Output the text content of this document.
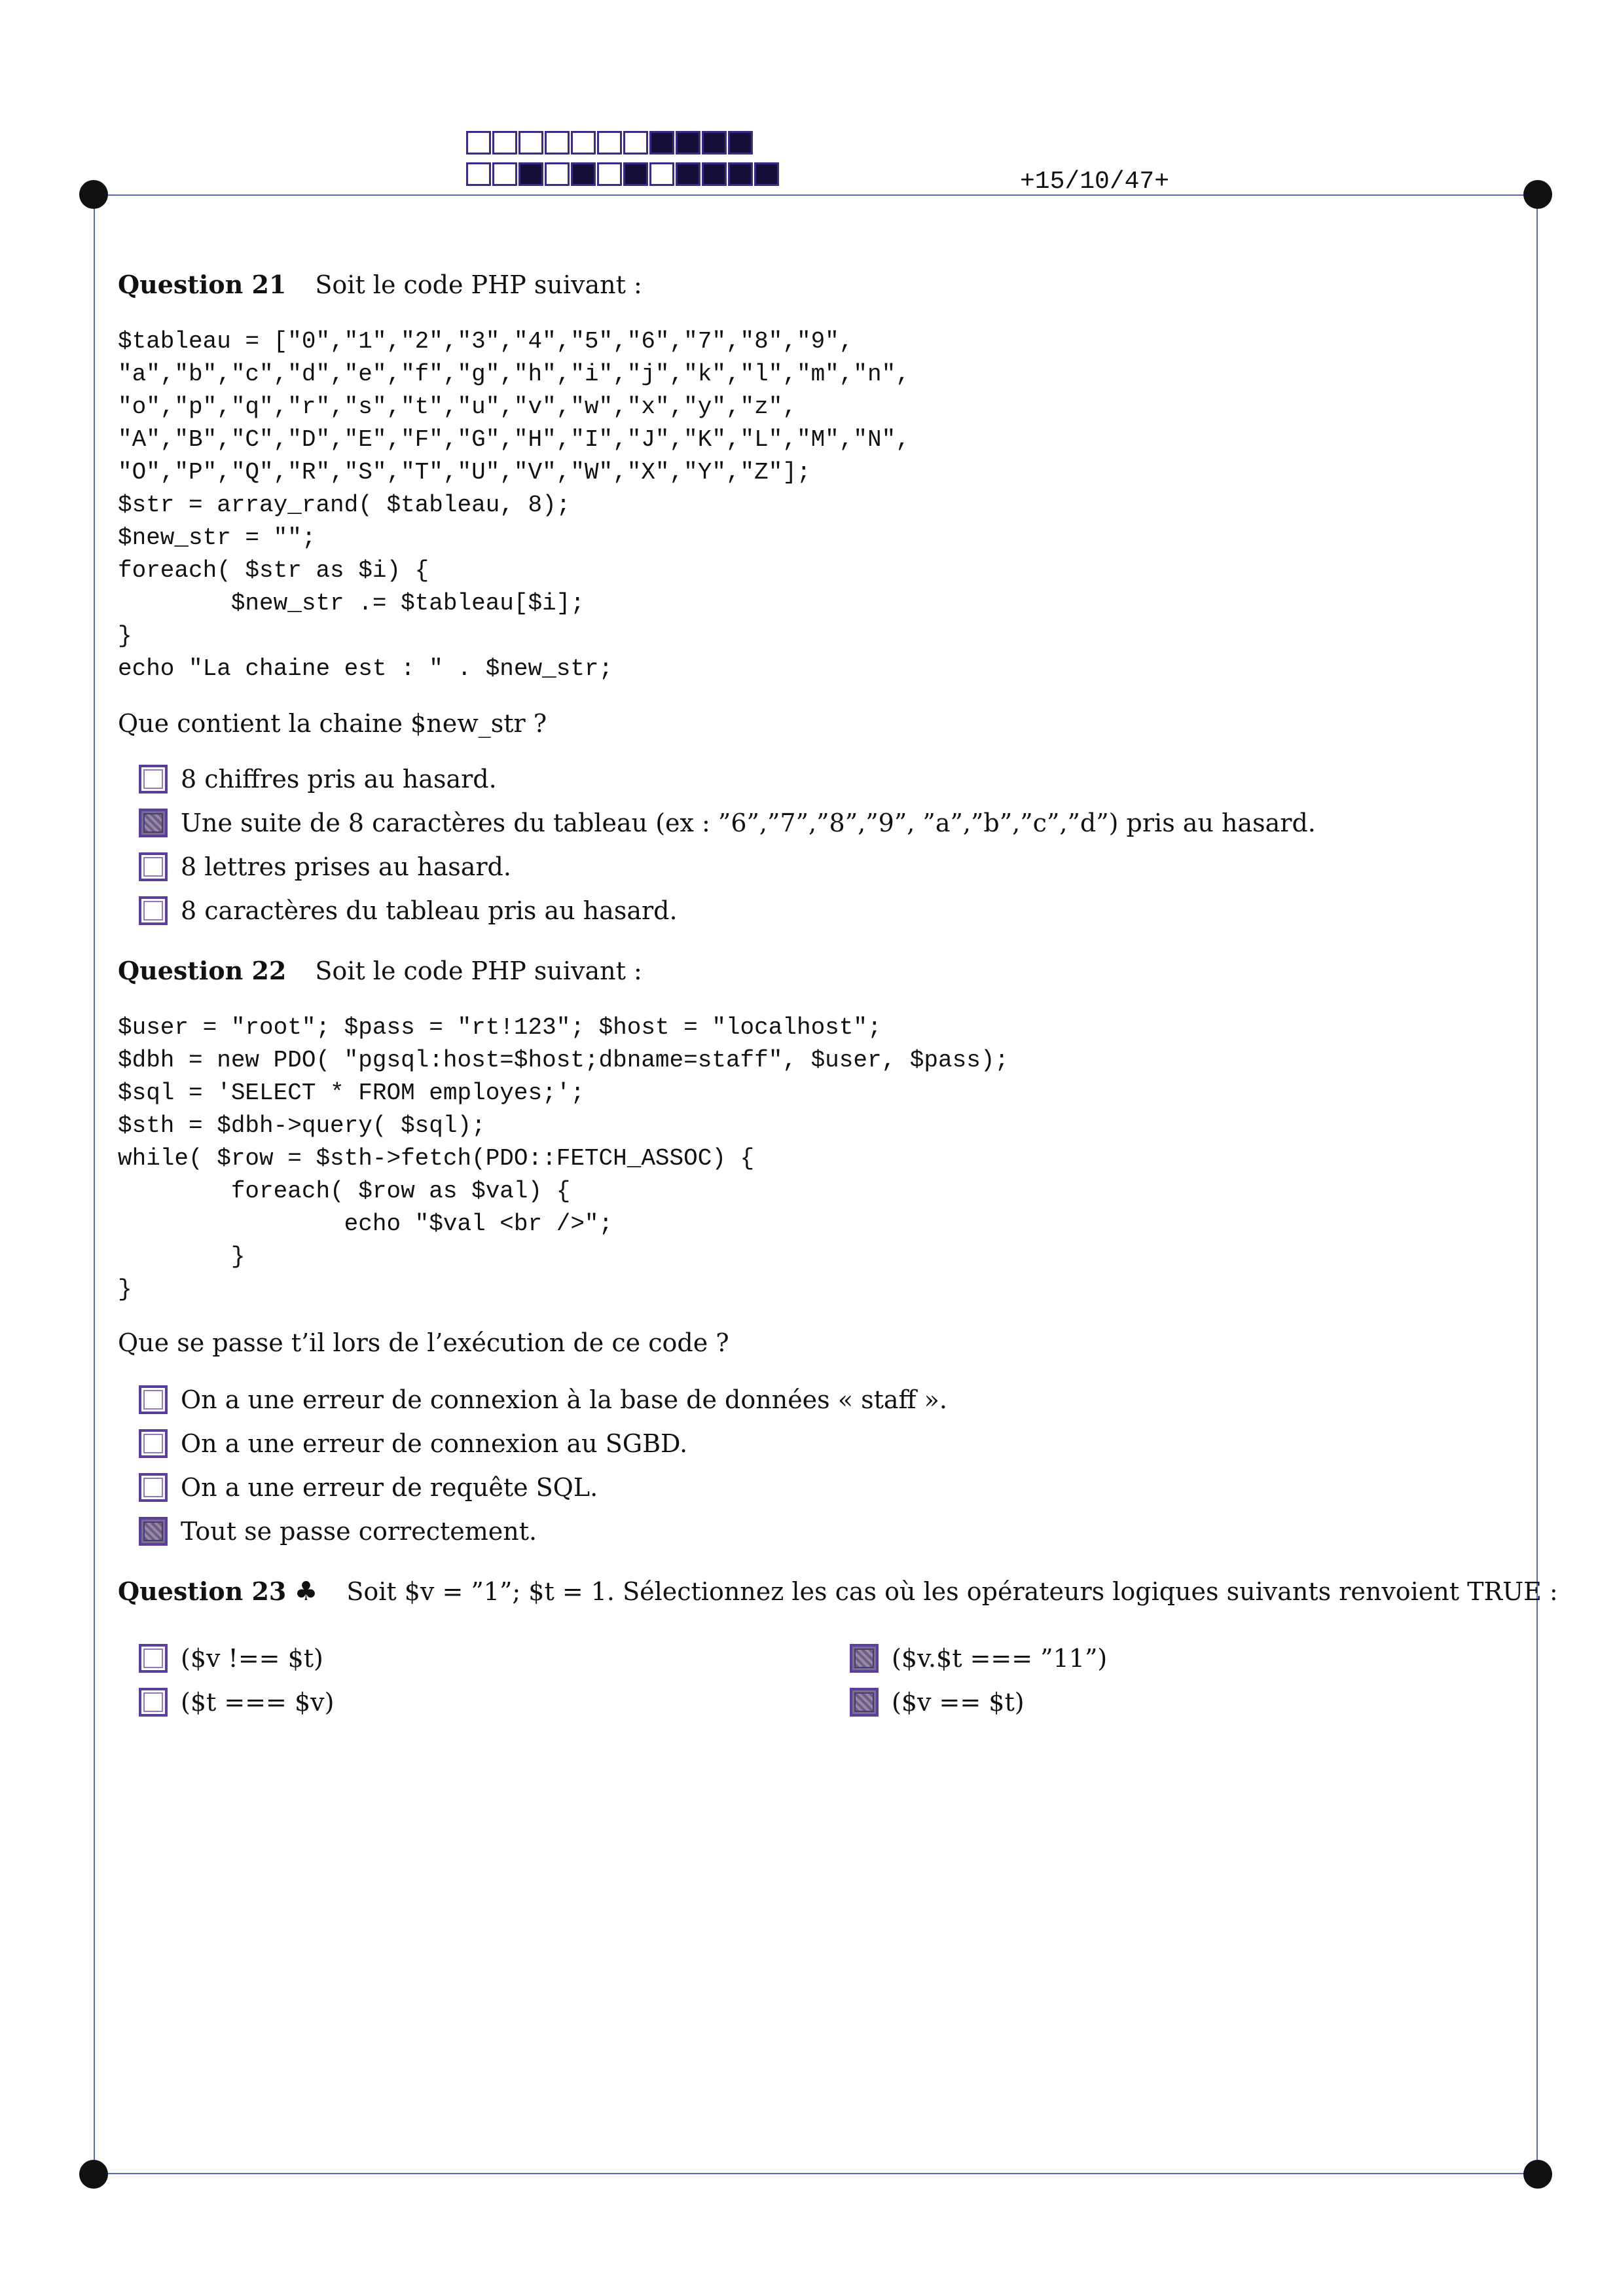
+15/10/47+
Question 21 Soit le code PHP suivant :
$tableau = ["0","1","2","3","4","5","6","7","8","9",
"a","b","c","d","e","f","g","h","i","j","k","l","m","n",
"o","p","q","r","s","t","u","v","w","x","y","z",
"A","B","C","D","E","F","G","H","I","J","K","L","M","N",
"O","P","Q","R","S","T","U","V","W","X","Y","Z"];
$str = array_rand( $tableau, 8);
$new_str = "";
foreach( $str as $i) {
$new_str .= $tableau[$i];
}
echo "La chaine est : " . $new_str;
Que contient la chaine $new_str ?
8 chiffres pris au hasard.
Une suite de 8 caractères du tableau (ex : ”6”,”7”,”8”,”9”, ”a”,”b”,”c”,”d”) pris au hasard.
8 lettres prises au hasard.
8 caractères du tableau pris au hasard.
Question 22 Soit le code PHP suivant :
$user = "root"; $pass = "rt!123"; $host = "localhost";
$dbh = new PDO( "pgsql:host=$host;dbname=staff", $user, $pass);
$sql = 'SELECT * FROM employes;';
$sth = $dbh->query( $sql);
while( $row = $sth->fetch(PDO::FETCH_ASSOC) {
foreach( $row as $val) {
echo "$val <br />";
}
}
Que se passe t’il lors de l’exécution de ce code ?
On a une erreur de connexion à la base de données « staff ».
On a une erreur de connexion au SGBD.
On a une erreur de requête SQL.
Tout se passe correctement.
Question 23 ♣ Soit $v = ”1”; $t = 1. Sélectionnez les cas où les opérateurs logiques suivants renvoient TRUE :
($v !== $t)
($t === $v)
($v.$t === ”11”)
($v == $t)
